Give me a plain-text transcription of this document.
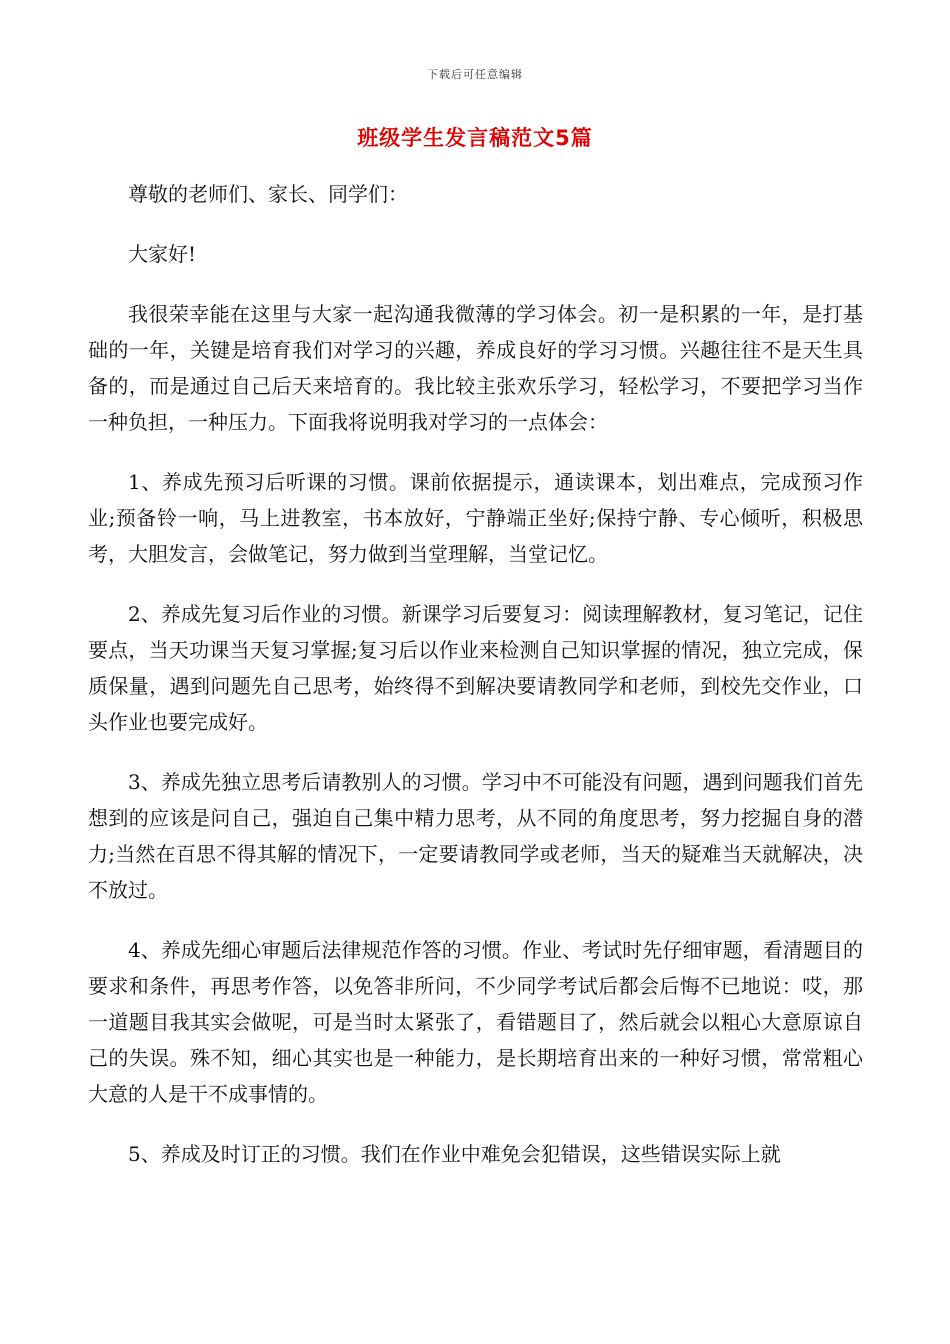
下载后可任意编辑
班级学生发言稿范文5篇

尊敬的老师们、家长、同学们：

大家好!

我很荣幸能在这里与大家一起沟通我微薄的学习体会。初一是积累的一年，是打基础的一年，关键是培育我们对学习的兴趣，养成良好的学习习惯。兴趣往往不是天生具备的，而是通过自己后天来培育的。我比较主张欢乐学习，轻松学习，不要把学习当作一种负担，一种压力。下面我将说明我对学习的一点体会：

1、养成先预习后听课的习惯。课前依据提示，通读课本，划出难点，完成预习作业;预备铃一响，马上进教室，书本放好，宁静端正坐好;保持宁静、专心倾听，积极思考，大胆发言，会做笔记，努力做到当堂理解，当堂记忆。

2、养成先复习后作业的习惯。新课学习后要复习：阅读理解教材，复习笔记，记住要点，当天功课当天复习掌握;复习后以作业来检测自己知识掌握的情况，独立完成，保质保量，遇到问题先自己思考，始终得不到解决要请教同学和老师，到校先交作业，口头作业也要完成好。

3、养成先独立思考后请教别人的习惯。学习中不可能没有问题，遇到问题我们首先想到的应该是问自己，强迫自己集中精力思考，从不同的角度思考，努力挖掘自身的潜力;当然在百思不得其解的情况下，一定要请教同学或老师，当天的疑难当天就解决，决不放过。

4、养成先细心审题后法律规范作答的习惯。作业、考试时先仔细审题，看清题目的要求和条件，再思考作答，以免答非所问，不少同学考试后都会后悔不已地说：哎，那一道题目我其实会做呢，可是当时太紧张了，看错题目了，然后就会以粗心大意原谅自己的失误。殊不知，细心其实也是一种能力，是长期培育出来的一种好习惯，常常粗心大意的人是干不成事情的。

5、养成及时订正的习惯。我们在作业中难免会犯错误，这些错误实际上就
